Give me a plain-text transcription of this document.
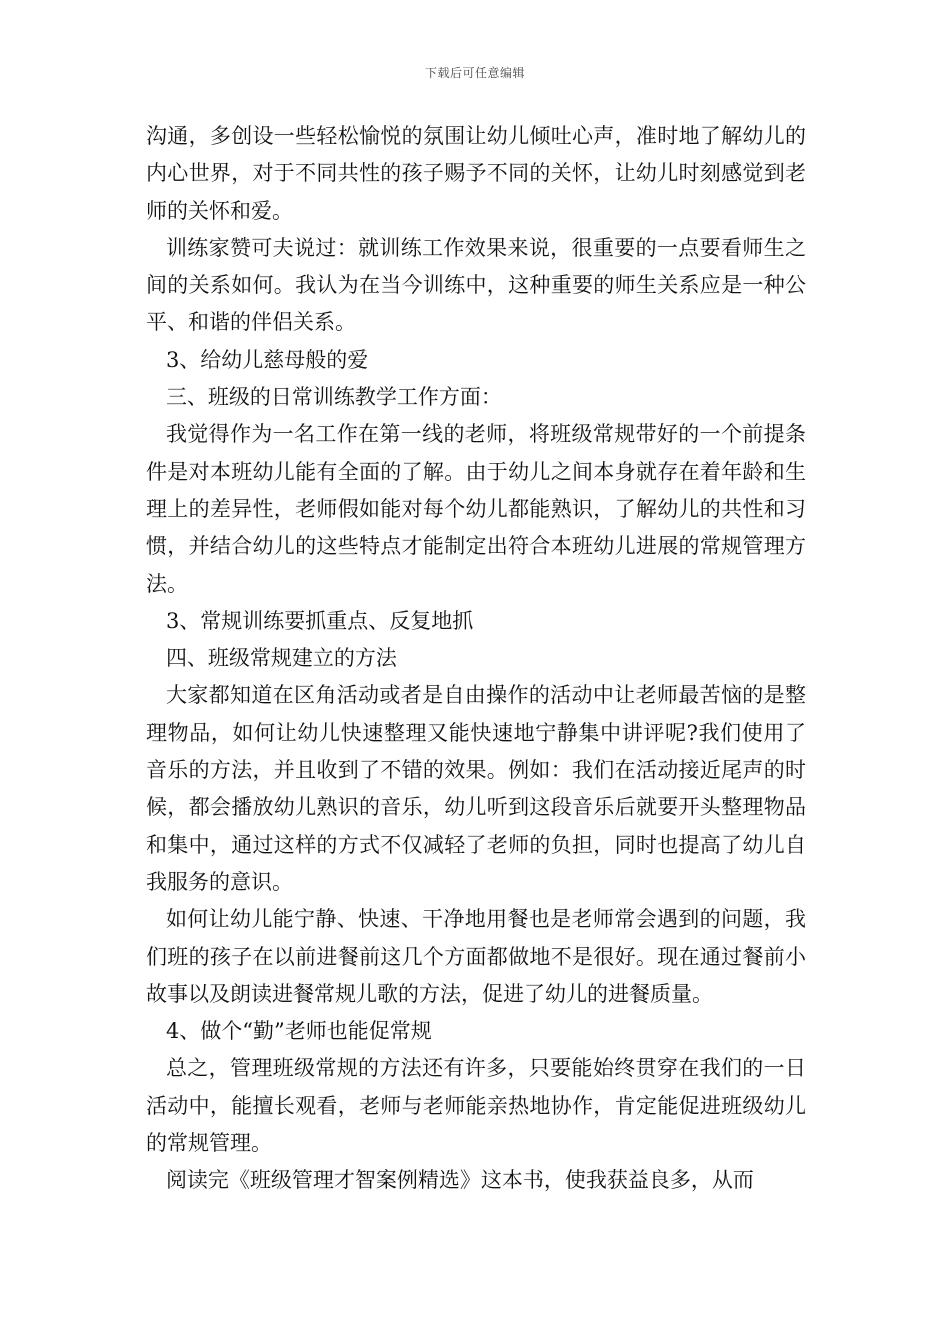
下载后可任意编辑

沟通，多创设一些轻松愉悦的氛围让幼儿倾吐心声，准时地了解幼儿的内心世界，对于不同共性的孩子赐予不同的关怀，让幼儿时刻感觉到老师的关怀和爱。

训练家赞可夫说过：就训练工作效果来说，很重要的一点要看师生之间的关系如何。我认为在当今训练中，这种重要的师生关系应是一种公平、和谐的伴侣关系。

3、给幼儿慈母般的爱

三、班级的日常训练教学工作方面：

我觉得作为一名工作在第一线的老师，将班级常规带好的一个前提条件是对本班幼儿能有全面的了解。由于幼儿之间本身就存在着年龄和生理上的差异性，老师假如能对每个幼儿都能熟识，了解幼儿的共性和习惯，并结合幼儿的这些特点才能制定出符合本班幼儿进展的常规管理方法。

3、常规训练要抓重点、反复地抓

四、班级常规建立的方法

大家都知道在区角活动或者是自由操作的活动中让老师最苦恼的是整理物品，如何让幼儿快速整理又能快速地宁静集中讲评呢?我们使用了音乐的方法，并且收到了不错的效果。例如：我们在活动接近尾声的时候，都会播放幼儿熟识的音乐，幼儿听到这段音乐后就要开头整理物品和集中，通过这样的方式不仅减轻了老师的负担，同时也提高了幼儿自我服务的意识。

如何让幼儿能宁静、快速、干净地用餐也是老师常会遇到的问题，我们班的孩子在以前进餐前这几个方面都做地不是很好。现在通过餐前小故事以及朗读进餐常规儿歌的方法，促进了幼儿的进餐质量。

4、做个“勤”老师也能促常规

总之，管理班级常规的方法还有许多，只要能始终贯穿在我们的一日活动中，能擅长观看，老师与老师能亲热地协作，肯定能促进班级幼儿的常规管理。

阅读完《班级管理才智案例精选》这本书，使我获益良多，从而
